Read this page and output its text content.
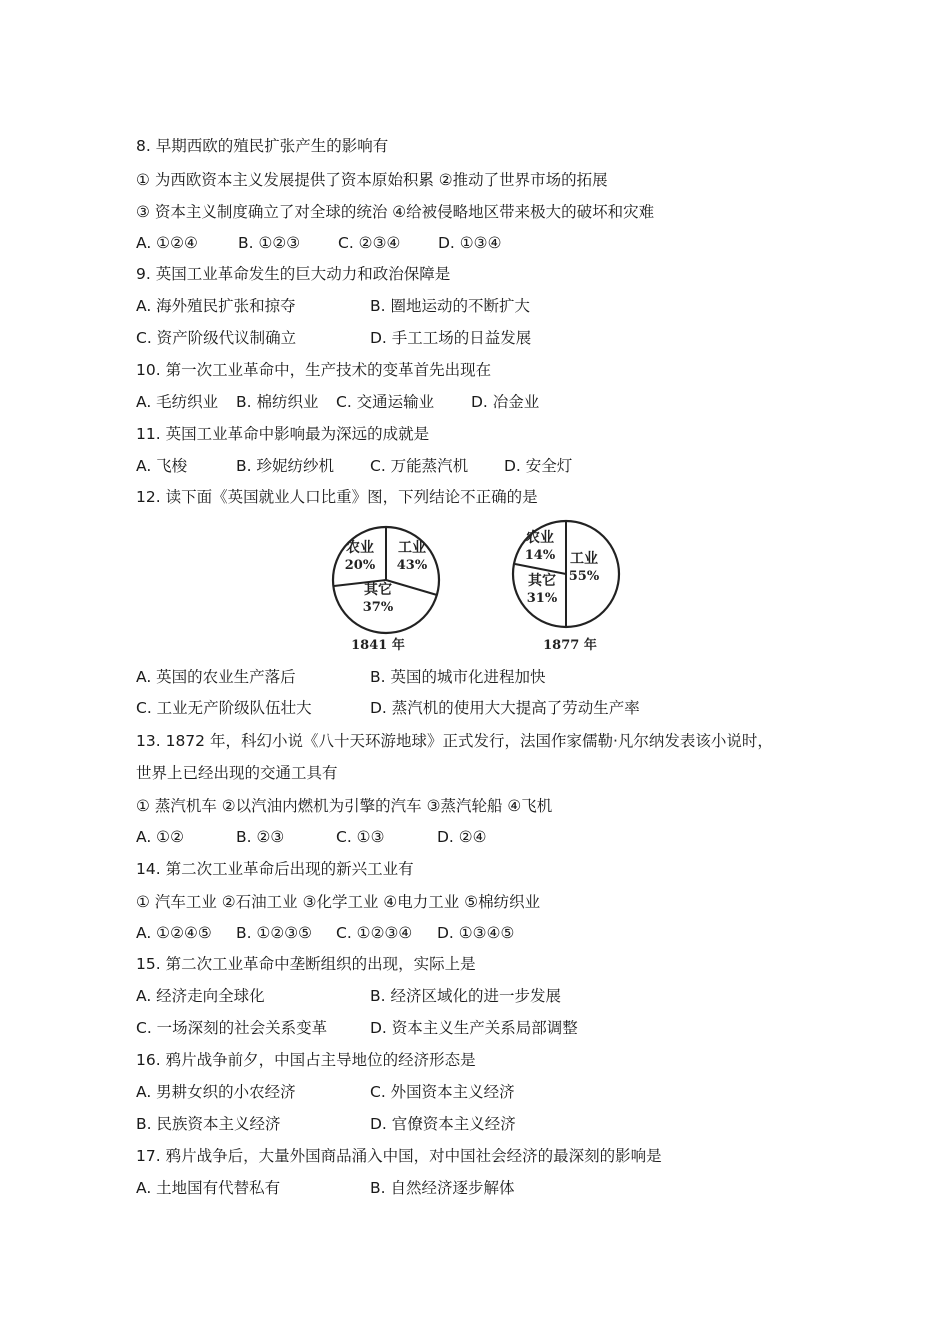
8. 早期西欧的殖民扩张产生的影响有
① 为西欧资本主义发展提供了资本原始积累 ②推动了世界市场的拓展
③ 资本主义制度确立了对全球的统治 ④给被侵略地区带来极大的破坏和灾难
A. ①②④	B. ①②③ C. ②③④ D. ①③④
9. 英国工业革命发生的巨大动力和政治保障是
A. 海外殖民扩张和掠夺	B. 圈地运动的不断扩大
C. 资产阶级代议制确立	D. 手工工场的日益发展
10. 第一次工业革命中，生产技术的变革首先出现在
A. 毛纺织业 B. 棉纺织业 C. 交通运输业 D. 冶金业
11. 英国工业革命中影响最为深远的成就是
A. 飞梭	B. 珍妮纺纱机 C. 万能蒸汽机 D. 安全灯
12. 读下面《英国就业人口比重》图，下列结论不正确的是
农业
20%
工业
43%
其它
37%
1841 年
农业
14% 工业
55%
其它
31%
1877 年
A. 英国的农业生产落后	B. 英国的城市化进程加快
C. 工业无产阶级队伍壮大	D. 蒸汽机的使用大大提高了劳动生产率
13. 1872 年，科幻小说《八十天环游地球》正式发行，法国作家儒勒·凡尔纳发表该小说时，
世界上已经出现的交通工具有
① 蒸汽机车 ②以汽油内燃机为引擎的汽车 ③蒸汽轮船 ④飞机
A. ①②	B. ②③	C. ①③	D. ②④
14. 第二次工业革命后出现的新兴工业有
① 汽车工业 ②石油工业 ③化学工业 ④电力工业 ⑤棉纺织业
A. ①②④⑤ B. ①②③⑤ C. ①②③④ D. ①③④⑤
15. 第二次工业革命中垄断组织的出现，实际上是
A. 经济走向全球化	B. 经济区域化的进一步发展
C. 一场深刻的社会关系变革	D. 资本主义生产关系局部调整
16. 鸦片战争前夕，中国占主导地位的经济形态是
A. 男耕女织的小农经济	C. 外国资本主义经济
B. 民族资本主义经济	D. 官僚资本主义经济
17. 鸦片战争后，大量外国商品涌入中国，对中国社会经济的最深刻的影响是
A. 土地国有代替私有	B. 自然经济逐步解体
